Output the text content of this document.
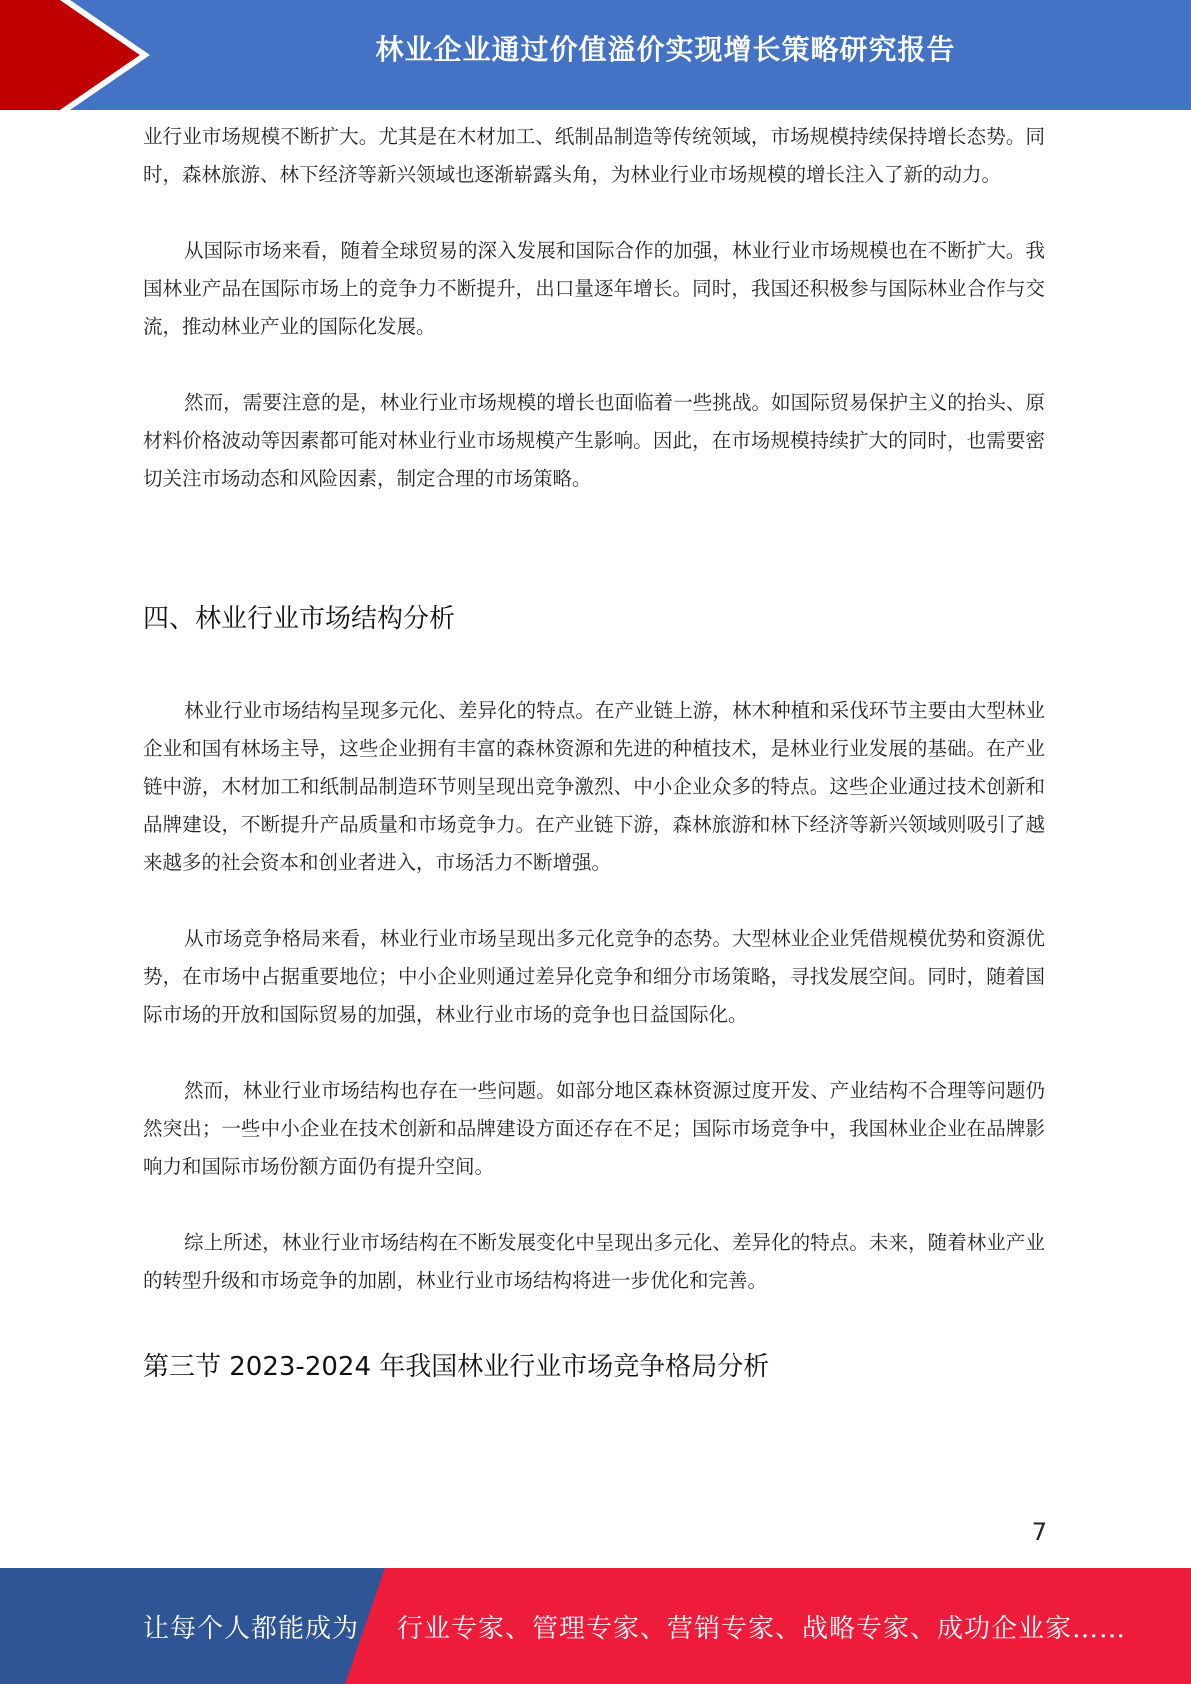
林业企业通过价值溢价实现增长策略研究报告

业行业市场规模不断扩大。尤其是在木材加工、纸制品制造等传统领域，市场规模持续保持增长态势。同时，森林旅游、林下经济等新兴领域也逐渐崭露头角，为林业行业市场规模的增长注入了新的动力。

从国际市场来看，随着全球贸易的深入发展和国际合作的加强，林业行业市场规模也在不断扩大。我国林业产品在国际市场上的竞争力不断提升，出口量逐年增长。同时，我国还积极参与国际林业合作与交流，推动林业产业的国际化发展。

然而，需要注意的是，林业行业市场规模的增长也面临着一些挑战。如国际贸易保护主义的抬头、原材料价格波动等因素都可能对林业行业市场规模产生影响。因此，在市场规模持续扩大的同时，也需要密切关注市场动态和风险因素，制定合理的市场策略。

四、林业行业市场结构分析

林业行业市场结构呈现多元化、差异化的特点。在产业链上游，林木种植和采伐环节主要由大型林业企业和国有林场主导，这些企业拥有丰富的森林资源和先进的种植技术，是林业行业发展的基础。在产业链中游，木材加工和纸制品制造环节则呈现出竞争激烈、中小企业众多的特点。这些企业通过技术创新和品牌建设，不断提升产品质量和市场竞争力。在产业链下游，森林旅游和林下经济等新兴领域则吸引了越来越多的社会资本和创业者进入，市场活力不断增强。

从市场竞争格局来看，林业行业市场呈现出多元化竞争的态势。大型林业企业凭借规模优势和资源优势，在市场中占据重要地位；中小企业则通过差异化竞争和细分市场策略，寻找发展空间。同时，随着国际市场的开放和国际贸易的加强，林业行业市场的竞争也日益国际化。

然而，林业行业市场结构也存在一些问题。如部分地区森林资源过度开发、产业结构不合理等问题仍然突出；一些中小企业在技术创新和品牌建设方面还存在不足；国际市场竞争中，我国林业企业在品牌影响力和国际市场份额方面仍有提升空间。

综上所述，林业行业市场结构在不断发展变化中呈现出多元化、差异化的特点。未来，随着林业产业的转型升级和市场竞争的加剧，林业行业市场结构将进一步优化和完善。

第三节 2023-2024 年我国林业行业市场竞争格局分析
7
让每个人都能成为 行业专家、管理专家、营销专家、战略专家、成功企业家……
